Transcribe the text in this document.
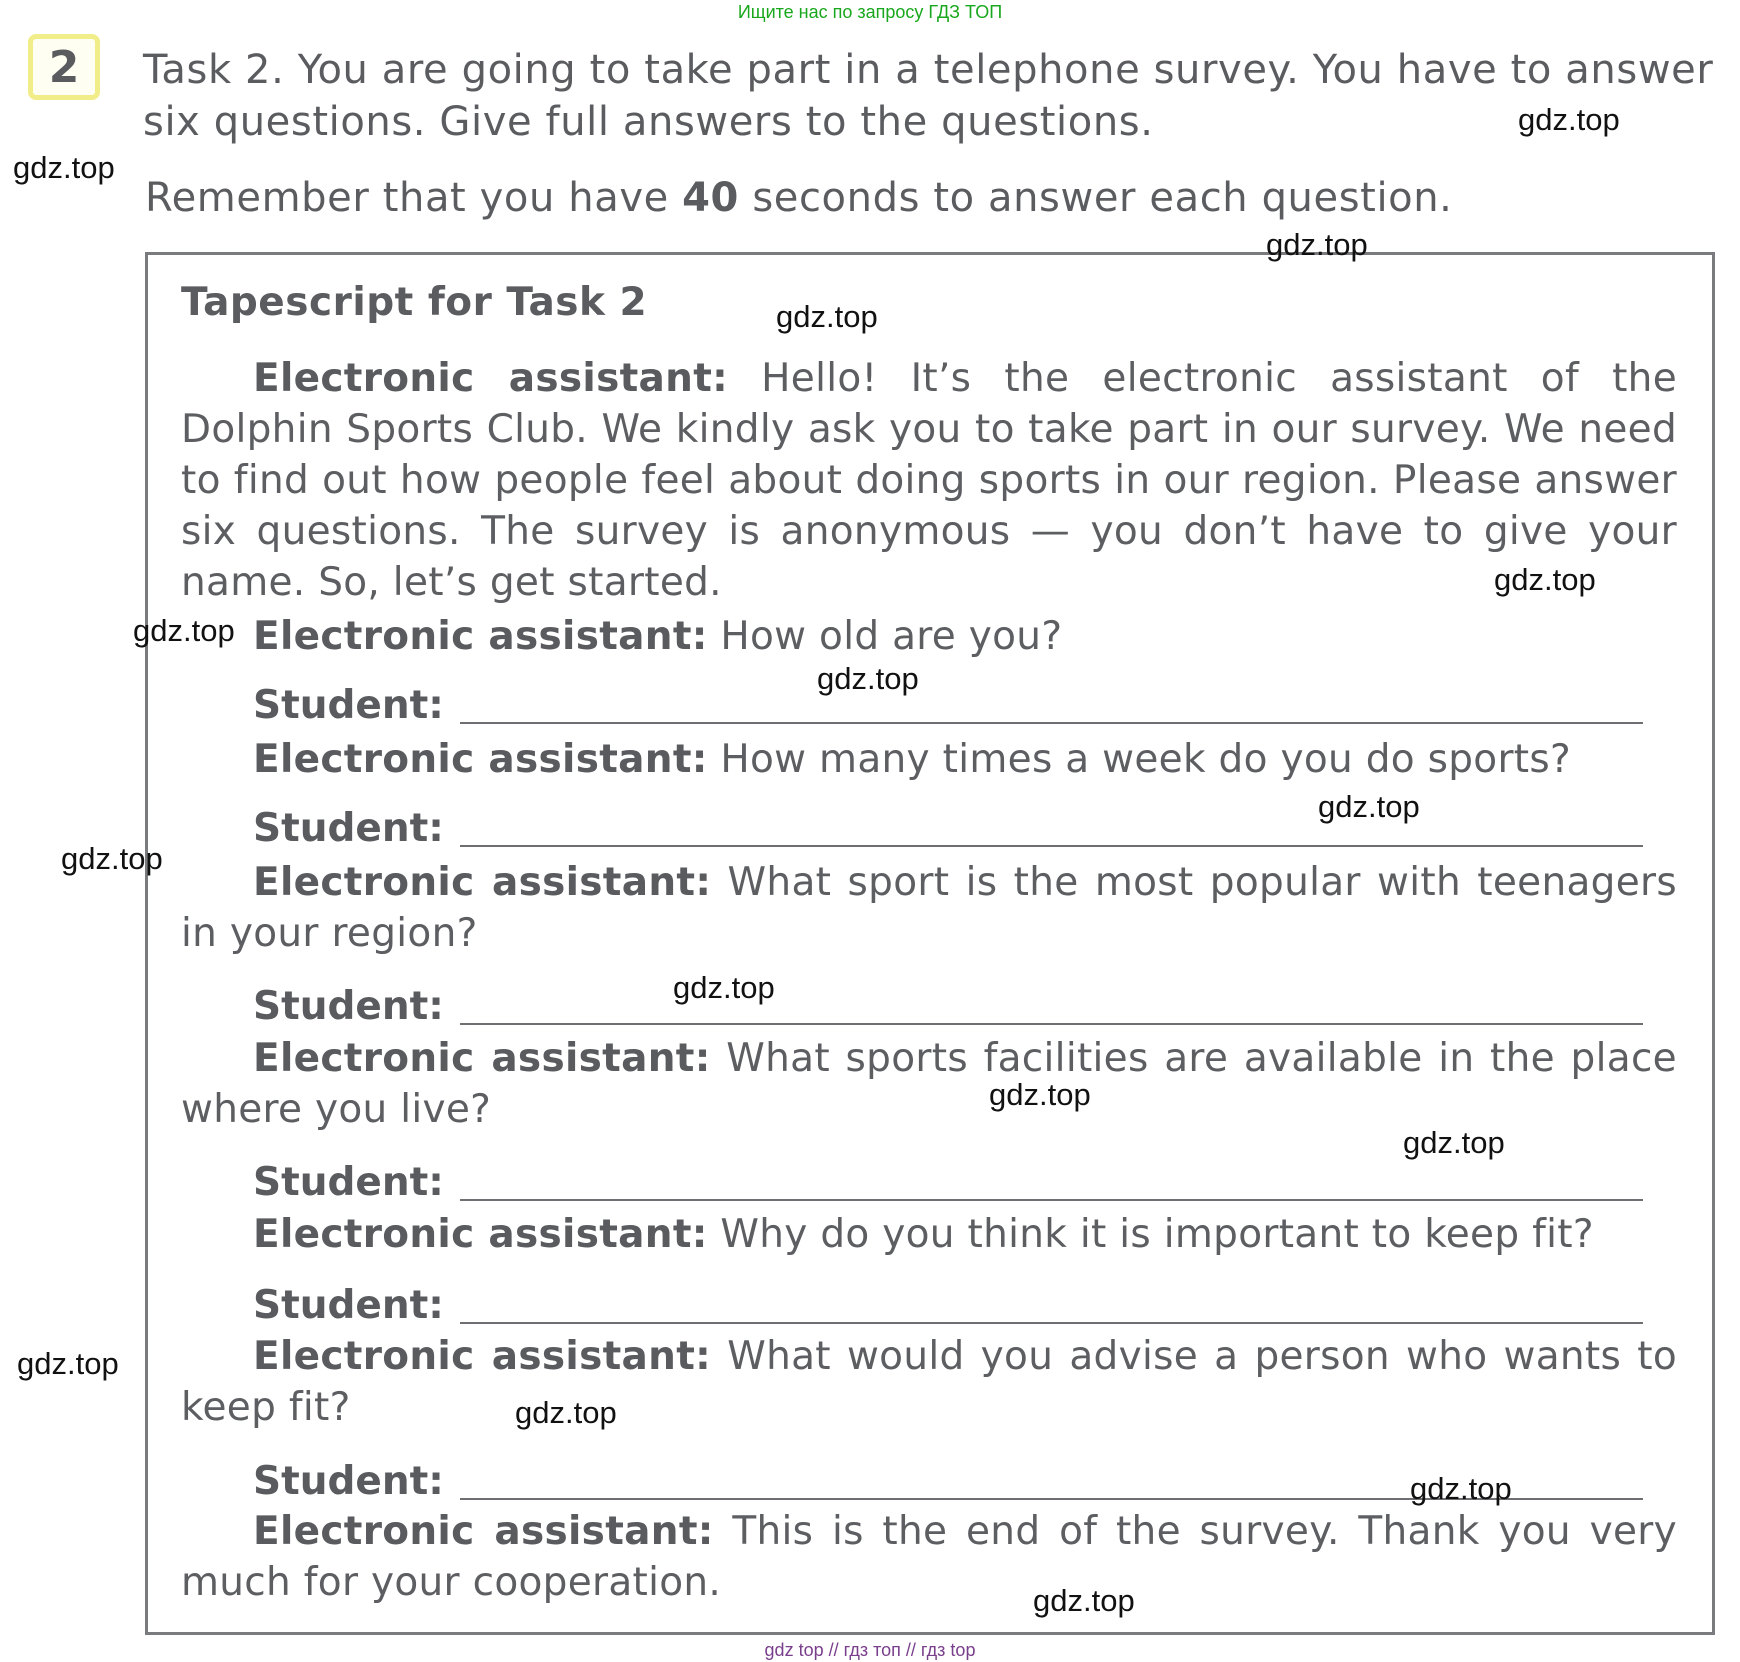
Ищите нас по запросу ГДЗ ТОП
2	Task 2. You are going to take part in a telephone survey. You have to answer six questions. Give full answers to the questions.
Remember that you have 40 seconds to answer each question.
Tapescript for Task 2
Electronic assistant: Hello! It’s the electronic assistant of the Dolphin Sports Club. We kindly ask you to take part in our survey. We need to find out how people feel about doing sports in our region. Please answer six questions. The survey is anonymous — you don’t have to give your name. So, let’s get started.
Electronic assistant: How old are you?
Student:
Electronic assistant: How many times a week do you do sports?
Student:
Electronic assistant: What sport is the most popular with teenagers in your region?
Student:
Electronic assistant: What sports facilities are available in the place where you live?
Student:
Electronic assistant: Why do you think it is important to keep fit?
Student:
Electronic assistant: What would you advise a person who wants to keep fit?
Student:
Electronic assistant: This is the end of the survey. Thank you very much for your cooperation.
gdz.top
gdz.top
gdz.top
gdz.top
gdz.top
gdz.top
gdz.top
gdz.top
gdz.top
gdz.top
gdz.top
gdz.top
gdz.top
gdz.top
gdz.top
gdz.top
gdz top // гдз топ // гдз top
